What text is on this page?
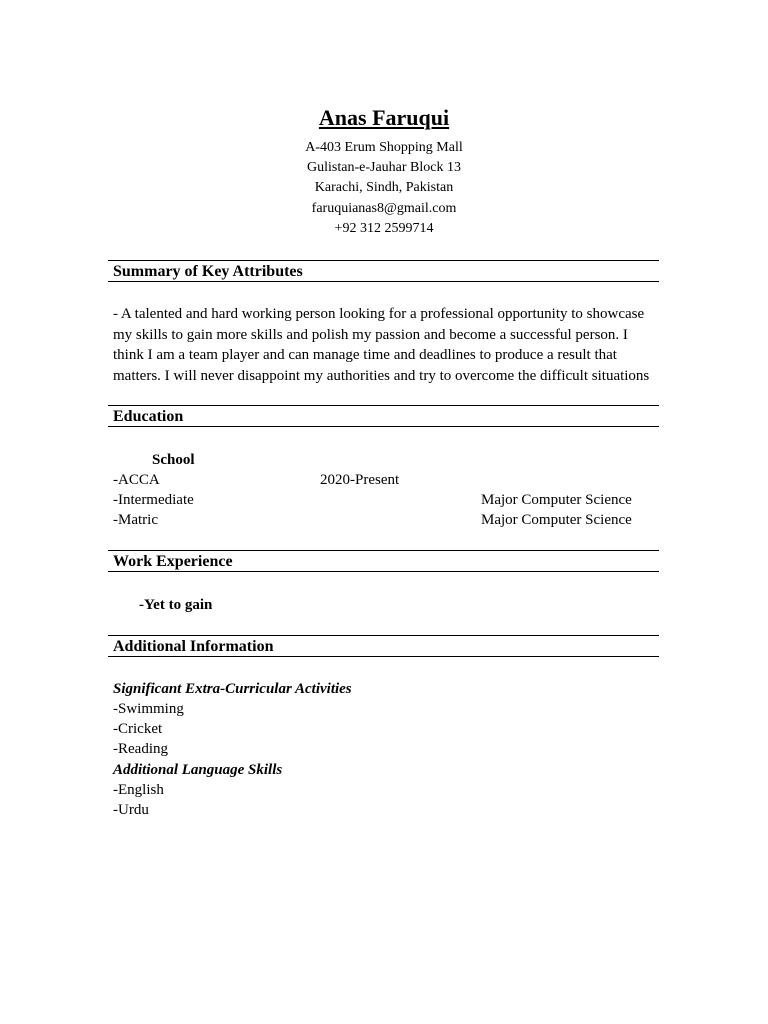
Anas Faruqui
A-403 Erum Shopping Mall
Gulistan-e-Jauhar Block 13
Karachi, Sindh, Pakistan
faruquianas8@gmail.com
+92 312 2599714
Summary of Key Attributes
- A talented and hard working person looking for a professional opportunity to showcase my skills to gain more skills and polish my passion and become a successful person. I think I am a team player and can manage time and deadlines to produce a result that matters. I will never disappoint my authorities and try to overcome the difficult situations
Education
School
-ACCA	2020-Present
-Intermediate	Major Computer Science
-Matric	Major Computer Science
Work Experience
-Yet to gain
Additional Information
Significant Extra-Curricular Activities
-Swimming
-Cricket
-Reading
Additional Language Skills
-English
-Urdu
